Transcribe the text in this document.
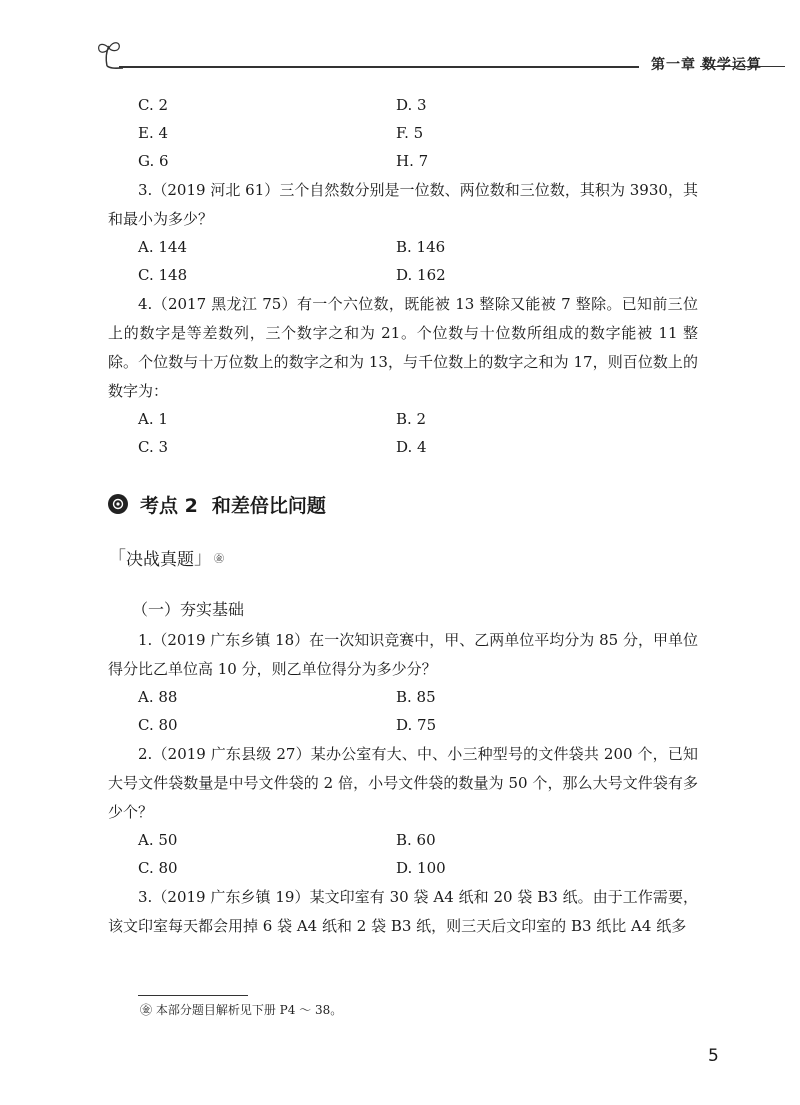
第一章 数学运算
C. 2	D. 3
E. 4	F. 5
G. 6	H. 7

3.（2019 河北 61）三个自然数分别是一位数、两位数和三位数，其积为 3930，其和最小为多少？

A. 144	B. 146
C. 148	D. 162

4.（2017 黑龙江 75）有一个六位数，既能被 13 整除又能被 7 整除。已知前三位上的数字是等差数列，三个数字之和为 21。个位数与十位数所组成的数字能被 11 整除。个位数与十万位数上的数字之和为 13，与千位数上的数字之和为 17，则百位数上的数字为：

A. 1	B. 2
C. 3	D. 4
考点 2 和差倍比问题
「 决战真题 」 ㊎
（一）夯实基础

1.（2019 广东乡镇 18）在一次知识竞赛中，甲、乙两单位平均分为 85 分，甲单位得分比乙单位高 10 分，则乙单位得分为多少分？

A. 88	B. 85
C. 80	D. 75

2.（2019 广东县级 27）某办公室有大、中、小三种型号的文件袋共 200 个，已知大号文件袋数量是中号文件袋的 2 倍，小号文件袋的数量为 50 个，那么大号文件袋有多少个？

A. 50	B. 60
C. 80	D. 100

3.（2019 广东乡镇 19）某文印室有 30 袋 A4 纸和 20 袋 B3 纸。由于工作需要，该文印室每天都会用掉 6 袋 A4 纸和 2 袋 B3 纸，则三天后文印室的 B3 纸比 A4 纸多

㊎ 本部分题目解析见下册 P4 ～ 38。
5
